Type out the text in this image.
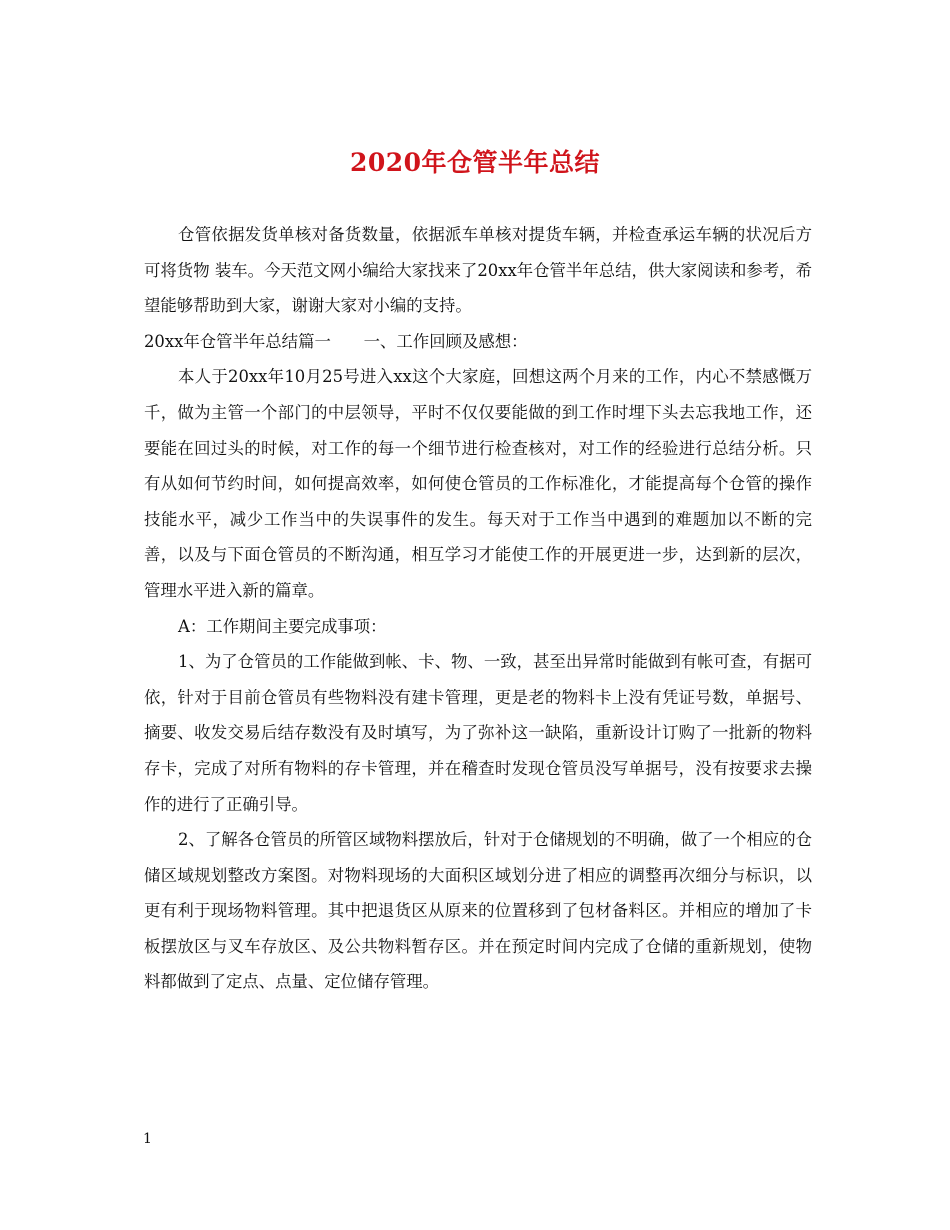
2020年仓管半年总结

仓管依据发货单核对备货数量，依据派车单核对提货车辆，并检查承运车辆的状况后方可将货物 装车。今天范文网小编给大家找来了20xx年仓管半年总结，供大家阅读和参考，希望能够帮助到大家，谢谢大家对小编的支持。

20xx年仓管半年总结篇一　　一、工作回顾及感想：

本人于20xx年10月25号进入xx这个大家庭，回想这两个月来的工作，内心不禁感慨万千，做为主管一个部门的中层领导，平时不仅仅要能做的到工作时埋下头去忘我地工作，还要能在回过头的时候，对工作的每一个细节进行检查核对，对工作的经验进行总结分析。只有从如何节约时间，如何提高效率，如何使仓管员的工作标准化，才能提高每个仓管的操作技能水平，减少工作当中的失误事件的发生。每天对于工作当中遇到的难题加以不断的完善，以及与下面仓管员的不断沟通，相互学习才能使工作的开展更进一步，达到新的层次，管理水平进入新的篇章。

A：工作期间主要完成事项：

1、为了仓管员的工作能做到帐、卡、物、一致，甚至出异常时能做到有帐可查，有据可依，针对于目前仓管员有些物料没有建卡管理，更是老的物料卡上没有凭证号数，单据号、摘要、收发交易后结存数没有及时填写，为了弥补这一缺陷，重新设计订购了一批新的物料存卡，完成了对所有物料的存卡管理，并在稽查时发现仓管员没写单据号，没有按要求去操作的进行了正确引导。

2、了解各仓管员的所管区域物料摆放后，针对于仓储规划的不明确，做了一个相应的仓储区域规划整改方案图。对物料现场的大面积区域划分进了相应的调整再次细分与标识，以更有利于现场物料管理。其中把退货区从原来的位置移到了包材备料区。并相应的增加了卡板摆放区与叉车存放区、及公共物料暂存区。并在预定时间内完成了仓储的重新规划，使物料都做到了定点、点量、定位储存管理。

1
